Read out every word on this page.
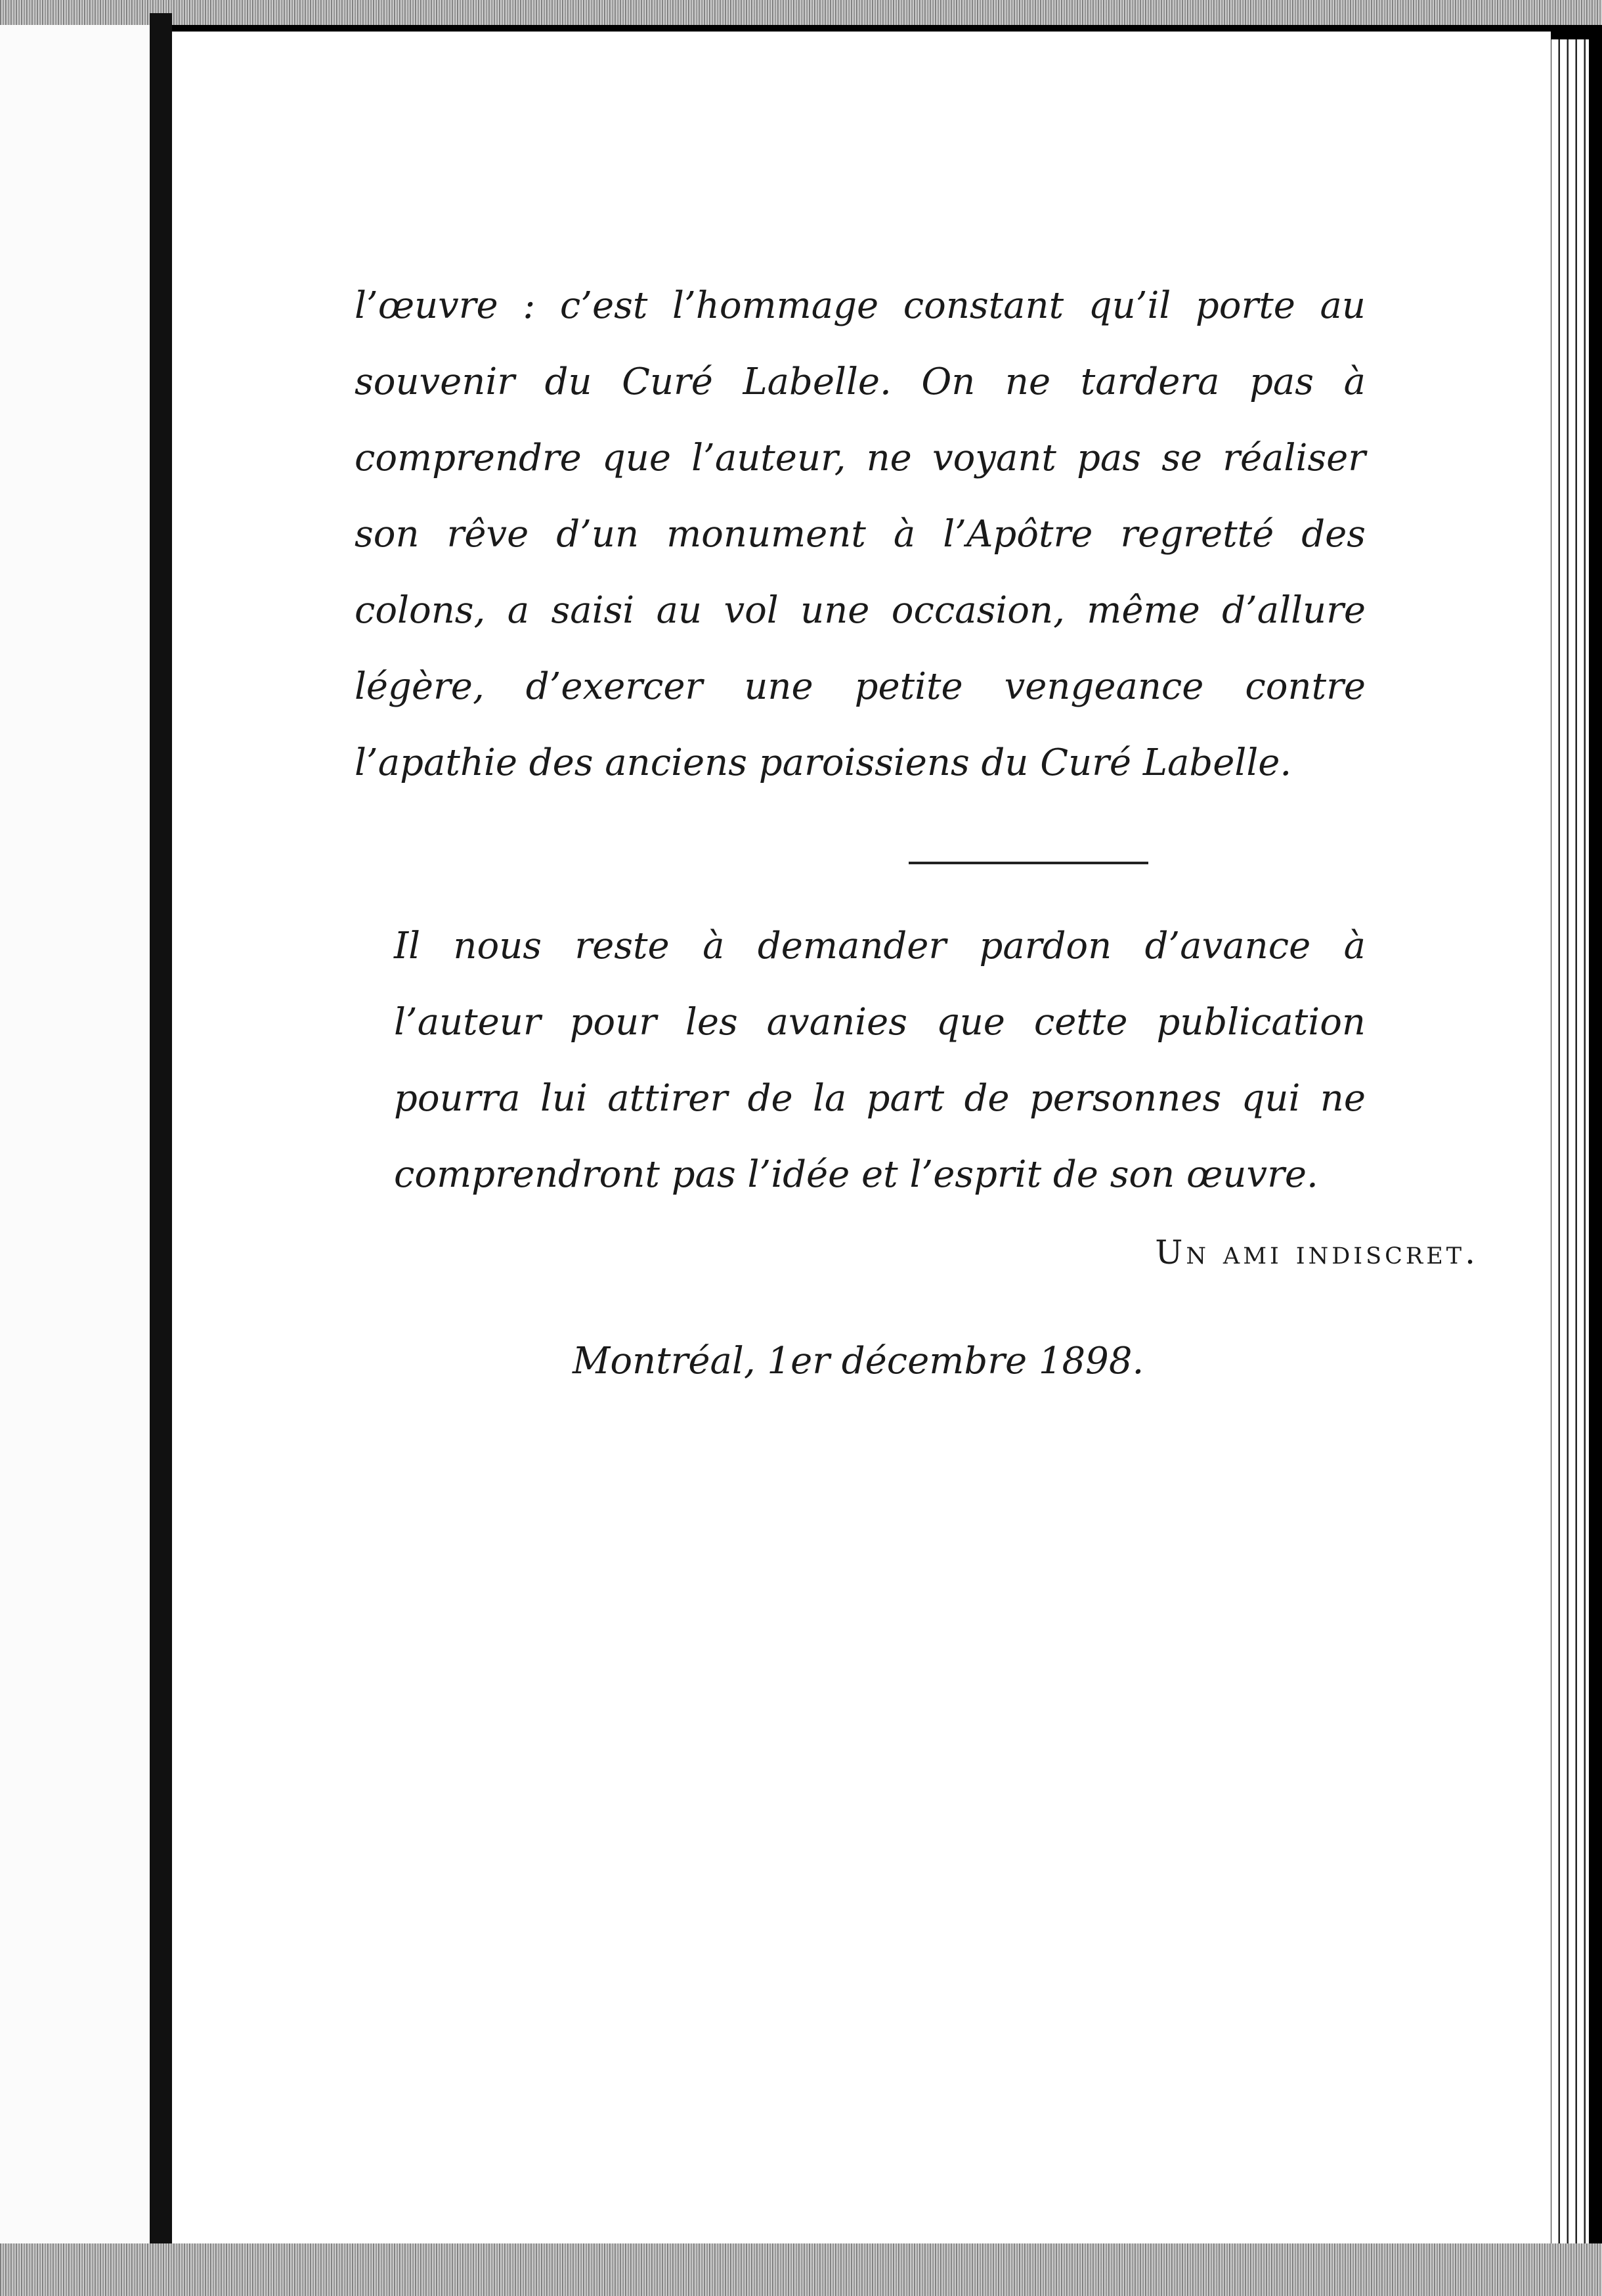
l’œuvre : c’est l’hommage constant qu’il porte au souvenir du Curé Labelle. On ne tardera pas à comprendre que l’auteur, ne voyant pas se réaliser son rêve d’un monument à l’Apôtre regretté des colons, a saisi au vol une occasion, même d’allure légère, d’exercer une petite vengeance contre l’apathie des anciens paroissiens du Curé Labelle.

Il nous reste à demander pardon d’avance à l’auteur pour les avanies que cette publication pourra lui attirer de la part de personnes qui ne comprendront pas l’idée et l’esprit de son œuvre.

Un ami indiscret.
Montréal, 1er décembre 1898.
